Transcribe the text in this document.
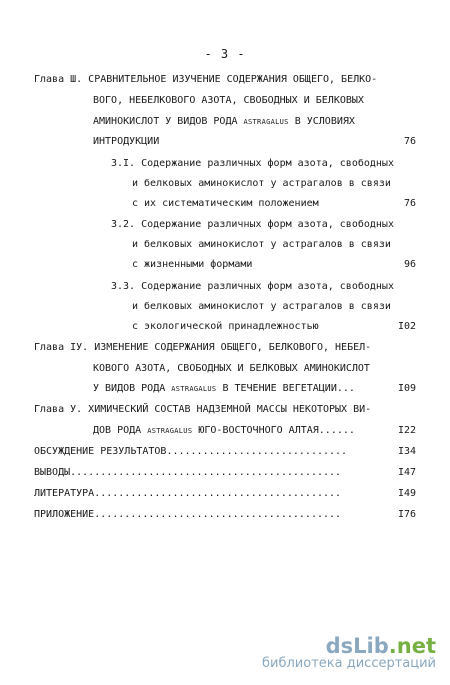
- 3 -
Глава Ш. СРАВНИТЕЛЬНОЕ ИЗУЧЕНИЕ СОДЕРЖАНИЯ ОБЩЕГО, БЕЛКО-
ВОГО, НЕБЕЛКОВОГО АЗОТА, СВОБОДНЫХ И БЕЛКОВЫХ
АМИНОКИСЛОТ У ВИДОВ РОДА ASTRAGALUS В УСЛОВИЯХ
ИНТРОДУКЦИИ	76
3.I. Содержание различных форм азота, свободных
и белковых аминокислот у астрагалов в связи
с их систематическим положением	76
3.2. Содержание различных форм азота, свободных
и белковых аминокислот у астрагалов в связи
с жизненными формами	96
3.3. Содержание различных форм азота, свободных
и белковых аминокислот у астрагалов в связи
с экологической принадлежностью	I02
Глава IУ. ИЗМЕНЕНИЕ СОДЕРЖАНИЯ ОБЩЕГО, БЕЛКОВОГО, НЕБЕЛ-
КОВОГО АЗОТА, СВОБОДНЫХ И БЕЛКОВЫХ АМИНОКИСЛОТ
У ВИДОВ РОДА ASTRAGALUS В ТЕЧЕНИЕ ВЕГЕТАЦИИ...	I09
Глава У. ХИМИЧЕСКИЙ СОСТАВ НАДЗЕМНОЙ МАССЫ НЕКОТОРЫХ ВИ-
ДОВ РОДА ASTRAGALUS ЮГО-ВОСТОЧНОГО АЛТАЯ......	I22
ОБСУЖДЕНИЕ РЕЗУЛЬТАТОВ..............................	I34
ВЫВОДЫ.............................................	I47
ЛИТЕРАТУРА.........................................	I49
ПРИЛОЖЕНИЕ.........................................	I76
dsLib.net
библиотека диссертаций
